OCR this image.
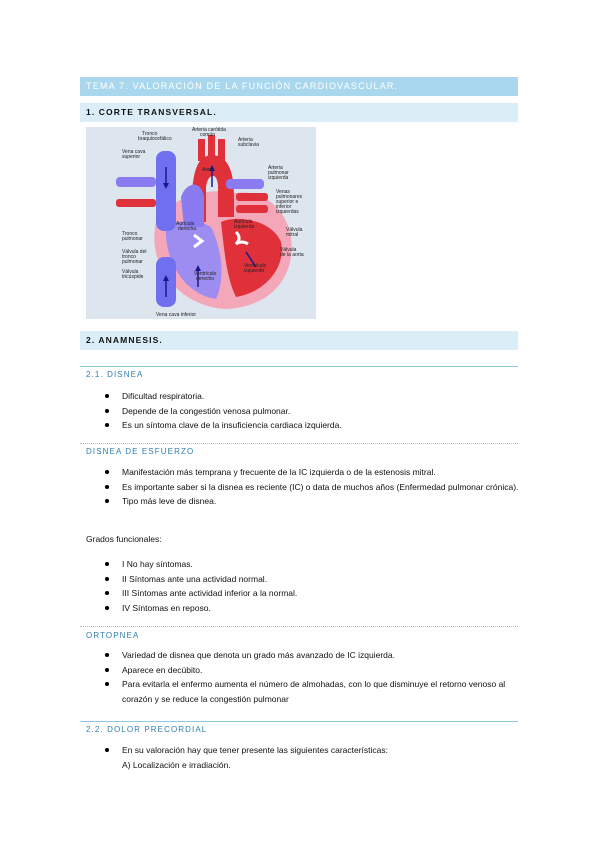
TEMA 7. VALORACIÓN DE LA FUNCIÓN CARDIOVASCULAR.
1. CORTE TRANSVERSAL.
Tronco braquiocefálico
Arteria carótida común
Arteria subclavia
Vena cava superior
Aorta	Arteria pulmonar izquierda
Venas pulmonares superior e inferior izquierdas
Aurícula izquierda
Tronco pulmonar
Aurícula derecha	Válvula mitral
Válvula del tronco pulmonar
Válvula de la aorta
Válvula tricúspide	Ventrículo derecho
Ventrículo izquierdo
Vena cava inferior
2. ANAMNESIS.
2.1. DISNEA
Dificultad respiratoria.
Depende de la congestión venosa pulmonar.
Es un síntoma clave de la insuficiencia cardiaca izquierda.
DISNEA DE ESFUERZO
Manifestación más temprana y frecuente de la IC izquierda o de la estenosis mitral.
Es importante saber si la disnea es reciente (IC) o data de muchos años (Enfermedad pulmonar crónica).
Tipo más leve de disnea.
Grados funcionales:
I No hay síntomas.
II Síntomas ante una actividad normal.
III Síntomas ante actividad inferior a la normal.
IV Síntomas en reposo.
ORTOPNEA
Variedad de disnea que denota un grado más avanzado de IC izquierda.
Aparece en decúbito.
Para evitarla el enfermo aumenta el número de almohadas, con lo que disminuye el retorno venoso al corazón y se reduce la congestión pulmonar
2.2. DOLOR PRECORDIAL
En su valoración hay que tener presente las siguientes características:
A) Localización e irradiación.
